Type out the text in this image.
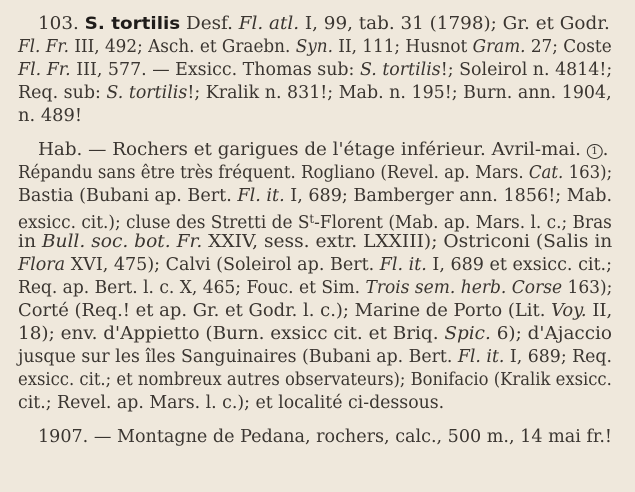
103. S. tortilis Desf. Fl. atl. I, 99, tab. 31 (1798); Gr. et Godr.
Fl. Fr. III, 492; Asch. et Graebn. Syn. II, 111; Husnot Gram. 27; Coste
Fl. Fr. III, 577. — Exsicc. Thomas sub: S. tortilis!; Soleirol n. 4814!;
Req. sub: S. tortilis!; Kralik n. 831!; Mab. n. 195!; Burn. ann. 1904,
n. 489!
Hab. — Rochers et garigues de l'étage inférieur. Avril-mai. 1 .
Répandu sans être très fréquent. Rogliano (Revel. ap. Mars. Cat. 163);
Bastia (Bubani ap. Bert. Fl. it. I, 689; Bamberger ann. 1856!; Mab.
exsicc. cit.); cluse des Stretti de $S^t$-Florent (Mab. ap. Mars. l. c.; Bras
in Bull. soc. bot. Fr. XXIV, sess. extr. LXXIII); Ostriconi (Salis in
Flora XVI, 475); Calvi (Soleirol ap. Bert. Fl. it. I, 689 et exsicc. cit.;
Req. ap. Bert. l. c. X, 465; Fouc. et Sim. Trois sem. herb. Corse 163);
Corté (Req.! et ap. Gr. et Godr. l. c.); Marine de Porto (Lit. Voy. II,
18); env. d'Appietto (Burn. exsicc cit. et Briq. Spic. 6); d'Ajaccio
jusque sur les îles Sanguinaires (Bubani ap. Bert. Fl. it. I, 689; Req.
exsicc. cit.; et nombreux autres observateurs); Bonifacio (Kralik exsicc.
cit.; Revel. ap. Mars. l. c.); et localité ci-dessous.
1907. — Montagne de Pedana, rochers, calc., 500 m., 14 mai fr.!
